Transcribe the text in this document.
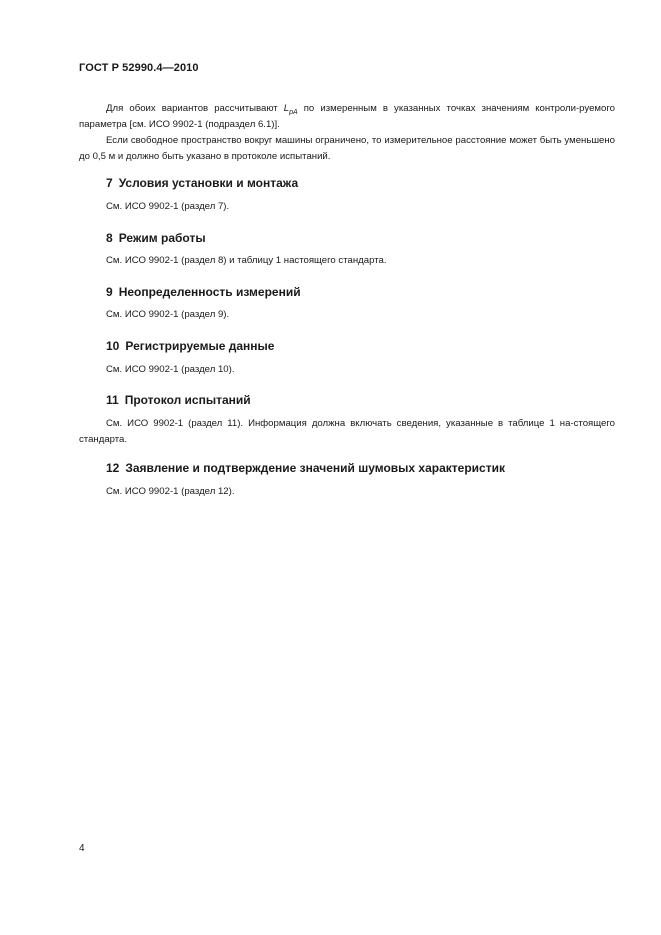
ГОСТ Р 52990.4—2010

Для обоих вариантов рассчитывают $L_{pA}$ по измеренным в указанных точках значениям контроли-руемого параметра [см. ИСО 9902-1 (подраздел 6.1)].

Если свободное пространство вокруг машины ограничено, то измерительное расстояние может быть уменьшено до 0,5 м и должно быть указано в протоколе испытаний.

7 Условия установки и монтажа

См. ИСО 9902-1 (раздел 7).

8 Режим работы

См. ИСО 9902-1 (раздел 8) и таблицу 1 настоящего стандарта.

9 Неопределенность измерений

См. ИСО 9902-1 (раздел 9).

10 Регистрируемые данные

См. ИСО 9902-1 (раздел 10).

11 Протокол испытаний

См. ИСО 9902-1 (раздел 11). Информация должна включать сведения, указанные в таблице 1 на-стоящего стандарта.

12 Заявление и подтверждение значений шумовых характеристик

См. ИСО 9902-1 (раздел 12).

4
